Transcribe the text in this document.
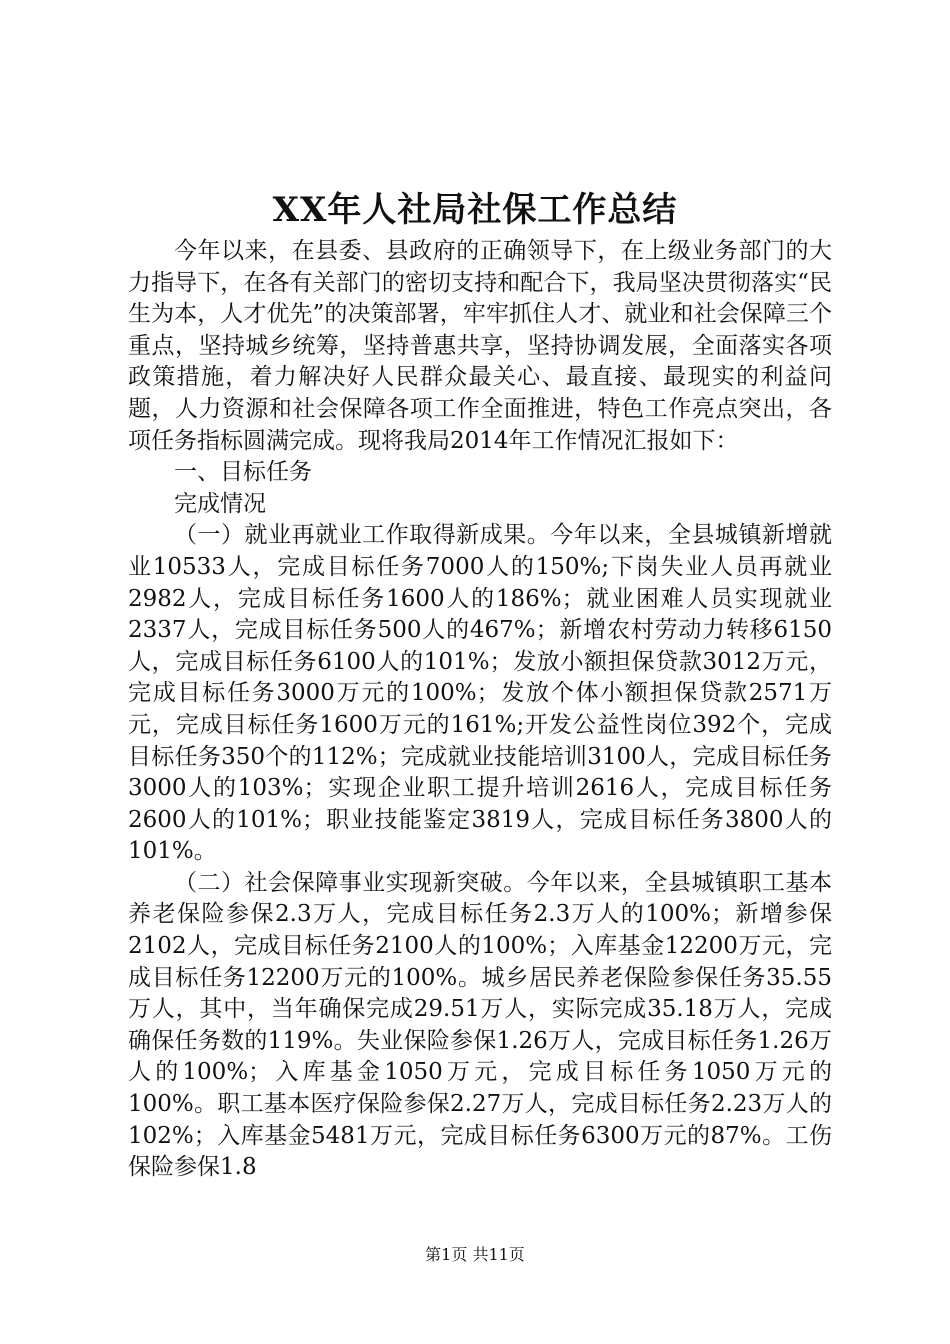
XX年人社局社保工作总结

今年以来，在县委、县政府的正确领导下，在上级业务部门的大力指导下，在各有关部门的密切支持和配合下，我局坚决贯彻落实“民生为本，人才优先”的决策部署，牢牢抓住人才、就业和社会保障三个重点，坚持城乡统筹，坚持普惠共享，坚持协调发展，全面落实各项政策措施，着力解决好人民群众最关心、最直接、最现实的利益问题，人力资源和社会保障各项工作全面推进，特色工作亮点突出，各项任务指标圆满完成。现将我局2014年工作情况汇报如下：

一、目标任务

完成情况

（一）就业再就业工作取得新成果。今年以来，全县城镇新增就业10533人，完成目标任务7000人的150%;下岗失业人员再就业2982人，完成目标任务1600人的186%；就业困难人员实现就业2337人，完成目标任务500人的467%；新增农村劳动力转移6150人，完成目标任务6100人的101%；发放小额担保贷款3012万元，完成目标任务3000万元的100%；发放个体小额担保贷款2571万元，完成目标任务1600万元的161%;开发公益性岗位392个，完成目标任务350个的112%；完成就业技能培训3100人，完成目标任务3000人的103%；实现企业职工提升培训2616人，完成目标任务2600人的101%；职业技能鉴定3819人，完成目标任务3800人的101%。

（二）社会保障事业实现新突破。今年以来，全县城镇职工基本养老保险参保2.3万人，完成目标任务2.3万人的100%；新增参保2102人，完成目标任务2100人的100%；入库基金12200万元，完成目标任务12200万元的100%。城乡居民养老保险参保任务35.55万人，其中，当年确保完成29.51万人，实际完成35.18万人，完成确保任务数的119%。失业保险参保1.26万人，完成目标任务1.26万人的100%；入库基金1050万元，完成目标任务1050万元的100%。职工基本医疗保险参保2.27万人，完成目标任务2.23万人的102%；入库基金5481万元，完成目标任务6300万元的87%。工伤保险参保1.8

第1页 共11页
